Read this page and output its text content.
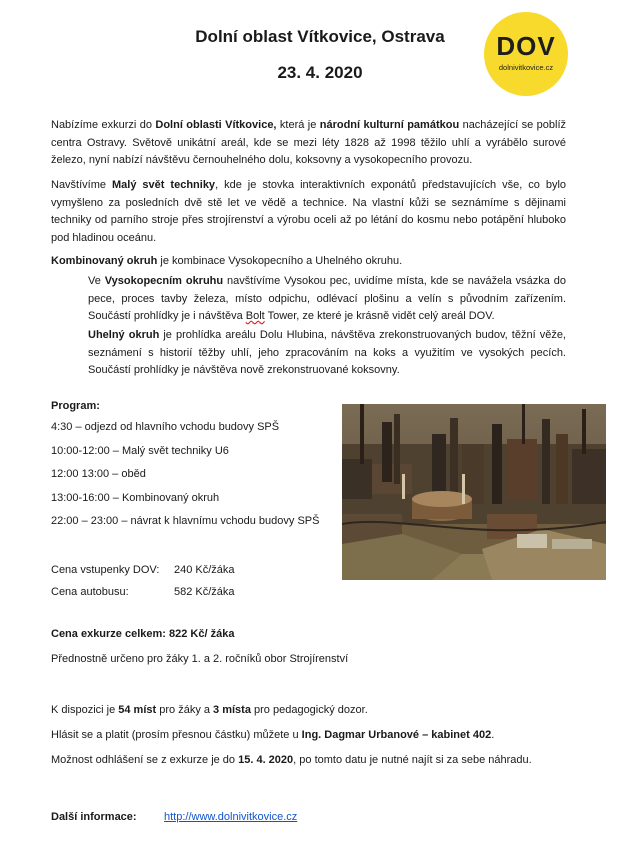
Dolní oblast Vítkovice, Ostrava
23. 4. 2020
DOV
dolnivitkovice.cz

Nabízíme exkurzi do Dolní oblasti Vítkovice, která je národní kulturní památkou nacházející se poblíž centra Ostravy. Světově unikátní areál, kde se mezi léty 1828 až 1998 těžilo uhlí a vyrábělo surové železo, nyní nabízí návštěvu černouhelného dolu, koksovny a vysokopecního provozu.

Navštívíme Malý svět techniky, kde je stovka interaktivních exponátů představujících vše, co bylo vymyšleno za posledních dvě stě let ve vědě a technice. Na vlastní kůži se seznámíme s dějinami techniky od parního stroje přes strojírenství a výrobu oceli až po létání do kosmu nebo potápění hluboko pod hladinou oceánu.

Kombinovaný okruh je kombinace Vysokopecního a Uhelného okruhu.

Ve Vysokopecním okruhu navštívíme Vysokou pec, uvidíme místa, kde se navážela vsázka do pece, proces tavby železa, místo odpichu, odlévací plošinu a velín s původním zařízením. Součástí prohlídky je i návštěva Bolt Tower, ze které je krásně vidět celý areál DOV.

Uhelný okruh je prohlídka areálu Dolu Hlubina, návštěva zrekonstruovaných budov, těžní věže, seznámení s historií těžby uhlí, jeho zpracováním na koks a využitím ve vysokých pecích. Součástí prohlídky je návštěva nově zrekonstruované koksovny.

Program:

4:30 – odjezd od hlavního vchodu budovy SPŠ
10:00-12:00 – Malý svět techniky U6
12:00 13:00 – oběd
13:00-16:00 – Kombinovaný okruh
22:00 – 23:00 – návrat k hlavnímu vchodu budovy SPŠ

Cena vstupenky DOV: 240 Kč/žáka

Cena autobusu:	582 Kč/žáka

Cena exkurze celkem: 822 Kč/ žáka

Přednostně určeno pro žáky 1. a 2. ročníků obor Strojírenství

K dispozici je 54 míst pro žáky a 3 místa pro pedagogický dozor.

Hlásit se a platit (prosím přesnou částku) můžete u Ing. Dagmar Urbanové – kabinet 402.

Možnost odhlášení se z exkurze je do 15. 4. 2020, po tomto datu je nutné najít si za sebe náhradu.

Další informace: http://www.dolnivitkovice.cz
